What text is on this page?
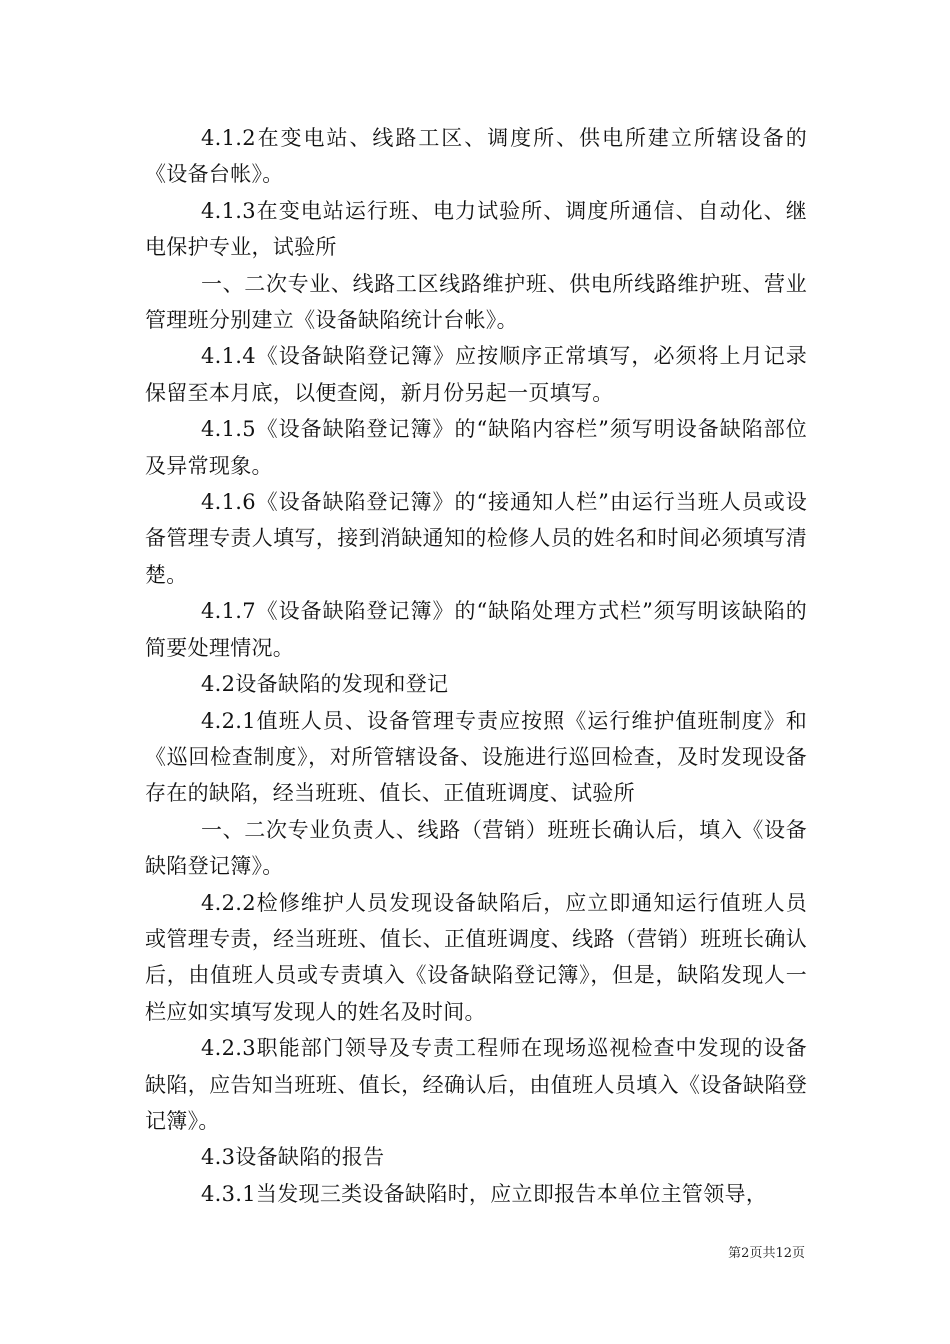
4.1.2在变电站、线路工区、调度所、供电所建立所辖设备的《设备台帐》。

4.1.3在变电站运行班、电力试验所、调度所通信、自动化、继电保护专业，试验所

一、二次专业、线路工区线路维护班、供电所线路维护班、营业管理班分别建立《设备缺陷统计台帐》。

4.1.4《设备缺陷登记簿》应按顺序正常填写，必须将上月记录保留至本月底，以便查阅，新月份另起一页填写。

4.1.5《设备缺陷登记簿》的“缺陷内容栏”须写明设备缺陷部位及异常现象。

4.1.6《设备缺陷登记簿》的“接通知人栏”由运行当班人员或设备管理专责人填写，接到消缺通知的检修人员的姓名和时间必须填写清楚。

4.1.7《设备缺陷登记簿》的“缺陷处理方式栏”须写明该缺陷的简要处理情况。

4.2设备缺陷的发现和登记

4.2.1值班人员、设备管理专责应按照《运行维护值班制度》和《巡回检查制度》，对所管辖设备、设施进行巡回检查，及时发现设备存在的缺陷，经当班班、值长、正值班调度、试验所

一、二次专业负责人、线路（营销）班班长确认后，填入《设备缺陷登记簿》。

4.2.2检修维护人员发现设备缺陷后，应立即通知运行值班人员或管理专责，经当班班、值长、正值班调度、线路（营销）班班长确认后，由值班人员或专责填入《设备缺陷登记簿》，但是，缺陷发现人一栏应如实填写发现人的姓名及时间。

4.2.3职能部门领导及专责工程师在现场巡视检查中发现的设备缺陷，应告知当班班、值长，经确认后，由值班人员填入《设备缺陷登记簿》。

4.3设备缺陷的报告

4.3.1当发现三类设备缺陷时，应立即报告本单位主管领导，

第2页共12页
